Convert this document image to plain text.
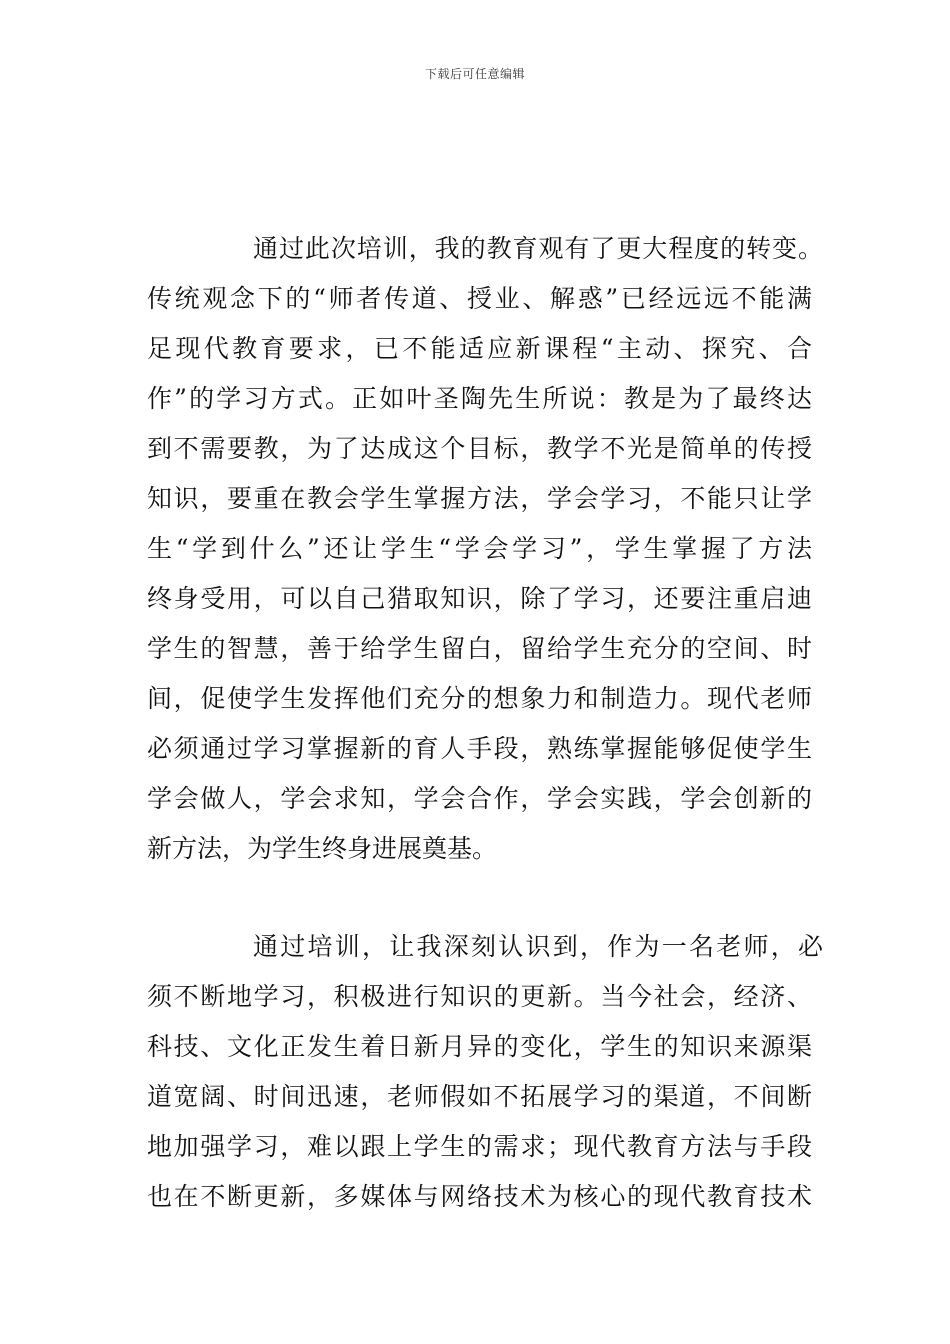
下载后可任意编辑
通过此次培训，我的教育观有了更大程度的转变。
传统观念下的“师者传道、授业、解惑”已经远远不能满
足现代教育要求，已不能适应新课程“主动、探究、合
作”的学习方式。正如叶圣陶先生所说：教是为了最终达
到不需要教，为了达成这个目标，教学不光是简单的传授
知识，要重在教会学生掌握方法，学会学习，不能只让学
生“学到什么”还让学生“学会学习”，学生掌握了方法
终身受用，可以自己猎取知识，除了学习，还要注重启迪
学生的智慧，善于给学生留白，留给学生充分的空间、时
间，促使学生发挥他们充分的想象力和制造力。现代老师
必须通过学习掌握新的育人手段，熟练掌握能够促使学生
学会做人，学会求知，学会合作，学会实践，学会创新的
新方法，为学生终身进展奠基。
通过培训，让我深刻认识到，作为一名老师，必
须不断地学习，积极进行知识的更新。当今社会，经济、
科技、文化正发生着日新月异的变化，学生的知识来源渠
道宽阔、时间迅速，老师假如不拓展学习的渠道，不间断
地加强学习，难以跟上学生的需求；现代教育方法与手段
也在不断更新，多媒体与网络技术为核心的现代教育技术
